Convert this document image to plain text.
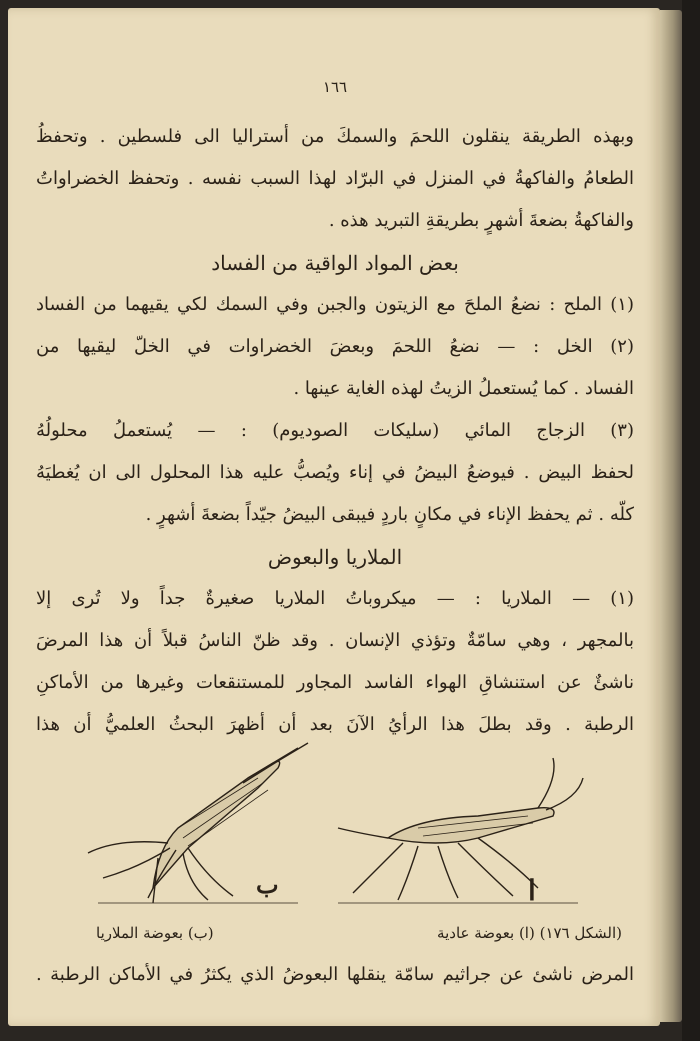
١٦٦
وبهذه الطريقة ينقلون اللحمَ والسمكَ من أستراليا الى فلسطين . وتحفظُ
الطعامُ والفاكهةُ في المنزل في البرّاد لهذا السبب نفسه . وتحفظ الخضراواتُ
والفاكهةُ بضعةَ أشهرٍ بطريقةِ التبريد هذه .
بعض المواد الواقية من الفساد
(١) الملح : نضعُ الملحَ مع الزيتون والجبن وفي السمك لكي يقيهما من الفساد
(٢) الخل : — نضعُ اللحمَ وبعضَ الخضراوات في الخلّ ليقيها من
الفساد . كما يُستعملُ الزيتُ لهذه الغاية عينها .
(٣) الزجاج المائي (سليكات الصوديوم) : — يُستعملُ محلولُهُ
لحفظ البيض . فيوضعُ البيضُ في إناء ويُصبُّ عليه هذا المحلول الى ان يُغطيَهُ
كلّه . ثم يحفظ الإناء في مكانٍ باردٍ فيبقى البيضُ جيّداً بضعةَ أشهرٍ .
الملاريا والبعوض
(١) — الملاريا : — ميكروباتُ الملاريا صغيرةٌ جداً ولا تُرى إلا
بالمجهر ، وهي سامّةٌ وتؤذي الإنسان . وقد ظنّ الناسُ قبلاً أن هذا المرضَ
ناشئٌ عن استنشاقِ الهواء الفاسد المجاور للمستنقعات وغيرها من الأماكنِ
الرطبة . وقد بطلَ هذا الرأيُ الآنَ بعد أن أظهرَ البحثُ العلميُّ أن هذا
(الشكل ١٧٦) (ا) بعوضة عادية
(ب) بعوضة الملاريا
المرض ناشئ عن جراثيم سامّة ينقلها البعوضُ الذي يكثرُ في الأماكن الرطبة .
ب	ا
